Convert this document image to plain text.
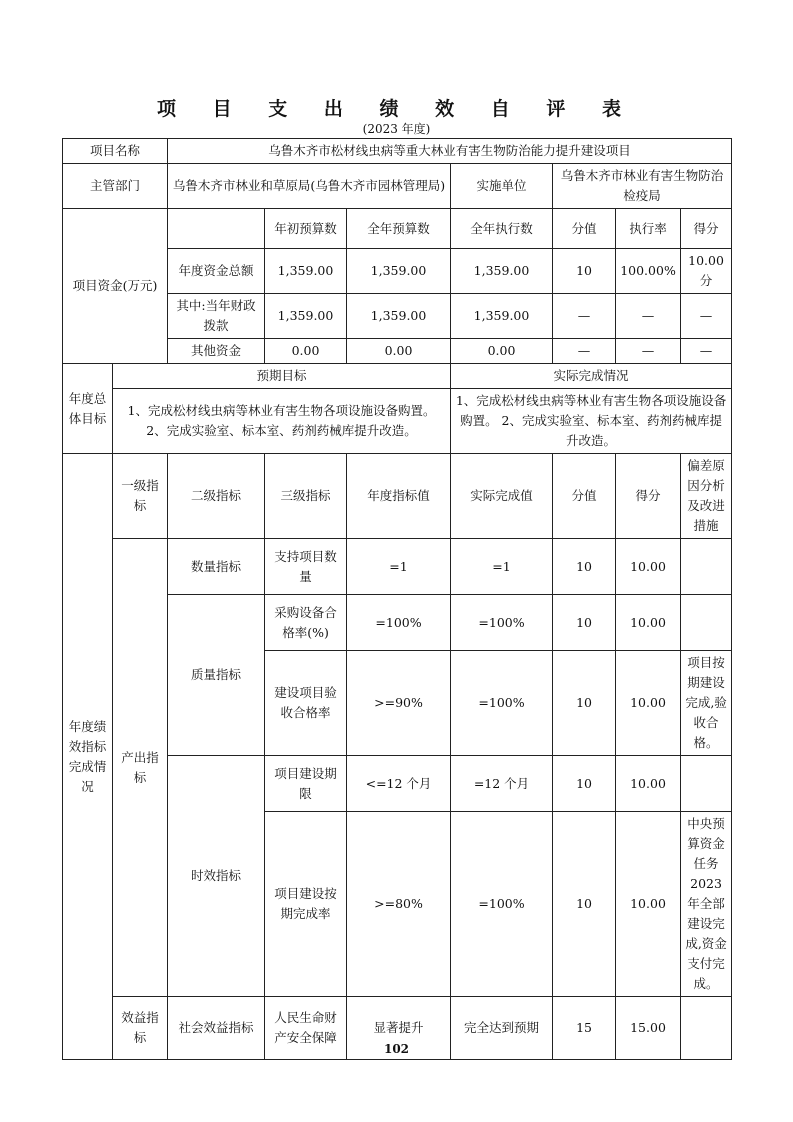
项 目 支 出 绩 效 自 评 表
(2023 年度)
项目名称		乌鲁木齐市松材线虫病等重大林业有害生物防治能力提升建设项目						
主管部门		乌鲁木齐市林业和草原局(乌鲁木齐市园林管理局)			实施单位	乌鲁木齐市林业有害生物防治检疫局		
项目资金(万元)			年初预算数	全年预算数	全年执行数	分值	执行率	得分
		年度资金总额	1,359.00	1,359.00	1,359.00	10	100.00%	10.00 分
		其中:当年财政拨款	1,359.00	1,359.00	1,359.00	—	—	—
		其他资金	0.00	0.00	0.00	—	—	—

年度总体目标	预期目标				实际完成情况			
	1、完成松材线虫病等林业有害生物各项设施设备购置。 2、完成实验室、标本室、药剂药械库提升改造。				1、完成松材线虫病等林业有害生物各项设施设备购置。 2、完成实验室、标本室、药剂药械库提升改造。			
年度绩效指标完成情况	一级指标	二级指标	三级指标	年度指标值	实际完成值	分值	得分	偏差原因分析及改进措施
	产出指标	数量指标	支持项目数量	=1	=1	10	10.00	
		质量指标	采购设备合格率(%)	=100%	=100%	10	10.00	
			建设项目验收合格率	>=90%	=100%	10	10.00	项目按期建设完成,验收合格。
		时效指标	项目建设期限	<=12 个月	=12 个月	10	10.00	
			项目建设按期完成率	>=80%	=100%	10	10.00	中央预算资金任务2023年全部建设完成,资金支付完成。

	效益指标	社会效益指标	人民生命财产安全保障	显著提升	完全达到预期	15	15.00	
102
